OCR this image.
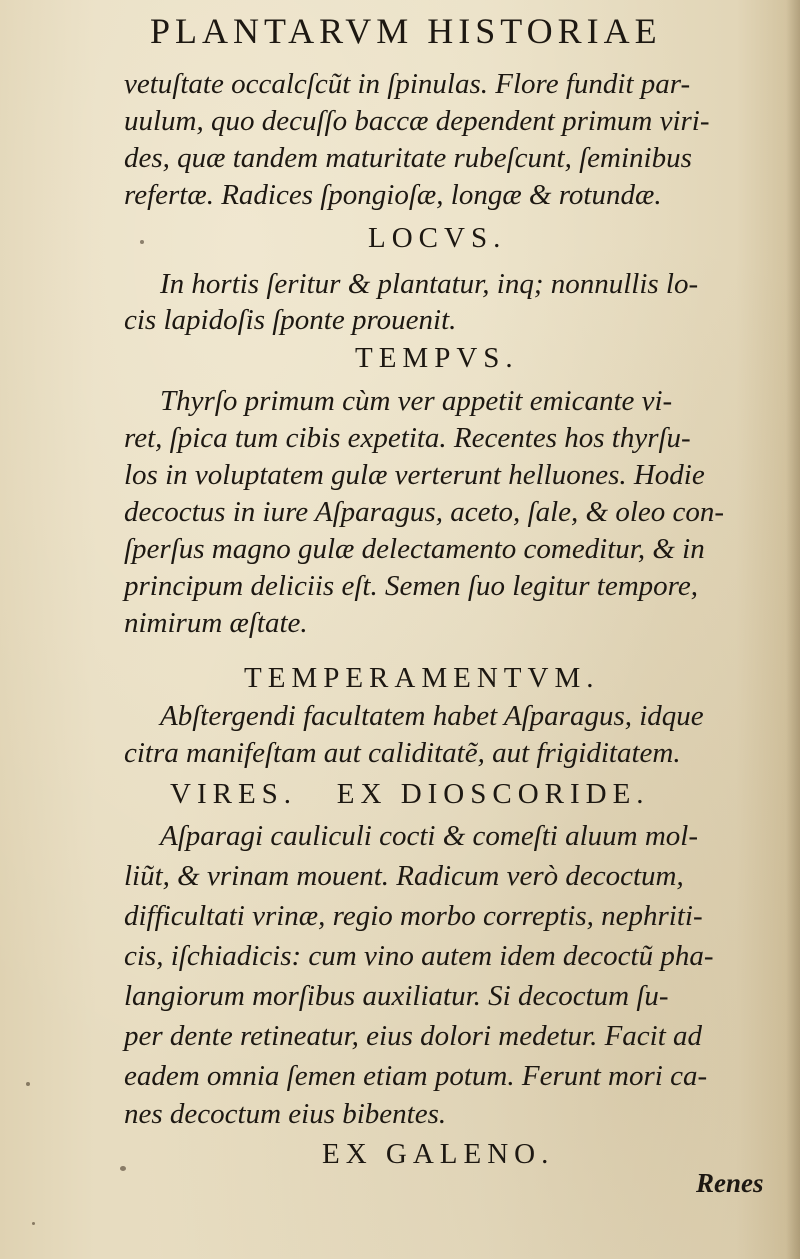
PLANTARVM HISTORIAE
vetuſtate occalcſcũt in ſpinulas. Flore fundit par-
uulum, quo decuſſo baccæ dependent primum viri-
des, quæ tandem maturitate rubeſcunt, ſeminibus
refertæ. Radices ſpongioſæ, longæ & rotundæ.
LOCVS.
In hortis ſeritur & plantatur, inq; nonnullis lo-
cis lapidoſis ſponte prouenit.
TEMPVS.
Thyrſo primum cùm ver appetit emicante vi-
ret, ſpica tum cibis expetita. Recentes hos thyrſu-
los in voluptatem gulæ verterunt helluones. Hodie
decoctus in iure Aſparagus, aceto, ſale, & oleo con-
ſperſus magno gulæ delectamento comeditur, & in
principum deliciis eſt. Semen ſuo legitur tempore,
nimirum æſtate.
TEMPERAMENTVM.
Abſtergendi facultatem habet Aſparagus, idque
citra manifeſtam aut caliditatẽ, aut frigiditatem.
VIRES.   EX DIOSCORIDE.
Aſparagi cauliculi cocti & comeſti aluum mol-
liũt, & vrinam mouent. Radicum verò decoctum,
difficultati vrinæ, regio morbo correptis, nephriti-
cis, iſchiadicis: cum vino autem idem decoctũ pha-
langiorum morſibus auxiliatur. Si decoctum ſu-
per dente retineatur, eius dolori medetur. Facit ad
eadem omnia ſemen etiam potum. Ferunt mori ca-
nes decoctum eius bibentes.
EX GALENO.
Renes
